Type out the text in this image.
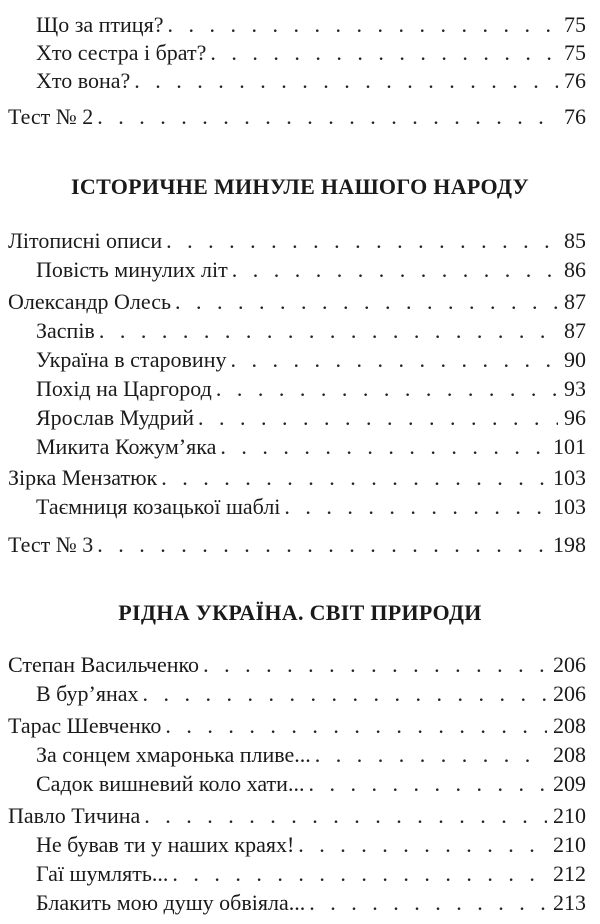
Що за птиця? . . .	75
Хто сестра і брат? . . .	75
Хто вона? . . .	76
Тест № 2 . . .	76
ІСТОРИЧНЕ МИНУЛЕ НАШОГО НАРОДУ
Літописні описи . . .	85
Повість минулих літ . . .	86
Олександр Олесь . . .	87
Заспів . . .	87
Україна в старовину . . .	90
Похід на Царгород . . .	93
Ярослав Мудрий . . .	96
Микита Кожум’яка . . .	101
Зірка Мензатюк . . .	103
Таємниця козацької шаблі . . .	103
Тест № 3 . . .	198
РІДНА УКРАЇНА. СВІТ ПРИРОДИ
Степан Васильченко . . .	206
В бур’янах . . .	206
Тарас Шевченко . . .	208
За сонцем хмаронька пливе... . . .	208
Садок вишневий коло хати... . . .	209
Павло Тичина . . .	210
Не бував ти у наших краях! . . .	210
Гаї шумлять... . . .	212
Блакить мою душу обвіяла... . . .	213
